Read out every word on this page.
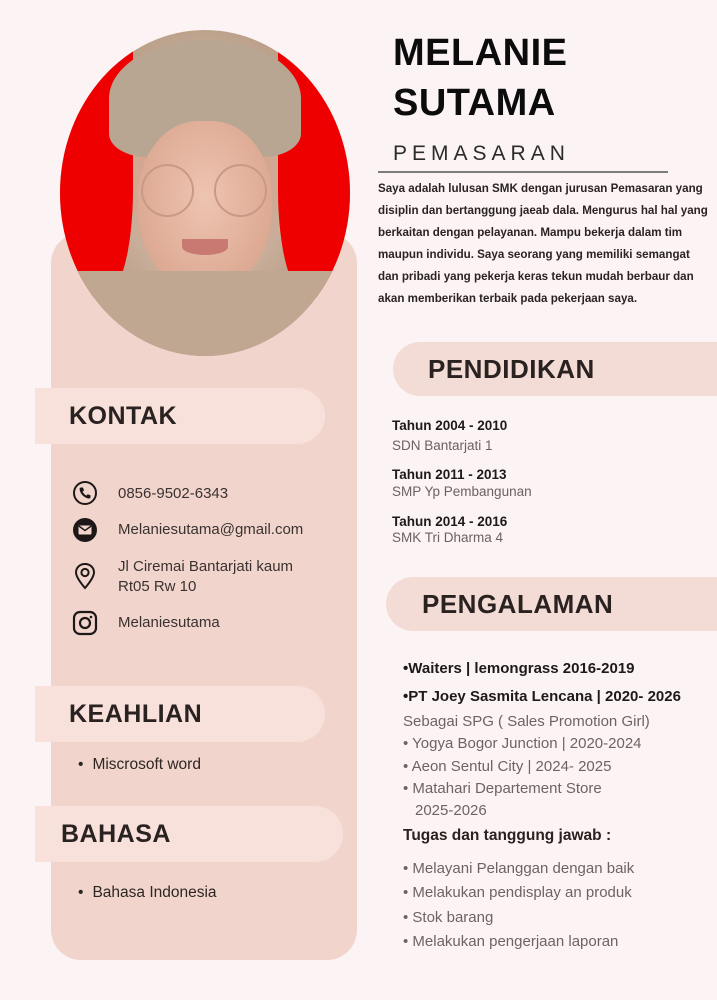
KONTAK
0856-9502-6343
Melaniesutama@gmail.com
Jl Ciremai Bantarjati kaum
Rt05 Rw 10
Melaniesutama
KEAHLIAN
• Miscrosoft word
BAHASA
• Bahasa Indonesia
MELANIE
SUTAMA
PEMASARAN
Saya adalah lulusan SMK dengan jurusan Pemasaran yang disiplin dan bertanggung jaeab dala. Mengurus hal hal yang berkaitan dengan pelayanan. Mampu bekerja dalam tim maupun individu. Saya seorang yang memiliki semangat dan pribadi yang pekerja keras tekun mudah berbaur dan akan memberikan terbaik pada pekerjaan saya.
PENDIDIKAN
Tahun 2004 - 2010
SDN Bantarjati 1
Tahun 2011 - 2013
SMP Yp Pembangunan
Tahun 2014 - 2016
SMK Tri Dharma 4
PENGALAMAN
•Waiters | lemongrass 2016-2019
•PT Joey Sasmita Lencana | 2020- 2026
Sebagai SPG ( Sales Promotion Girl)
• Yogya Bogor Junction | 2020-2024
• Aeon Sentul City | 2024- 2025
• Matahari Departement Store
2025-2026
Tugas dan tanggung jawab :
• Melayani Pelanggan dengan baik
• Melakukan pendisplay an produk
• Stok barang
• Melakukan pengerjaan laporan
